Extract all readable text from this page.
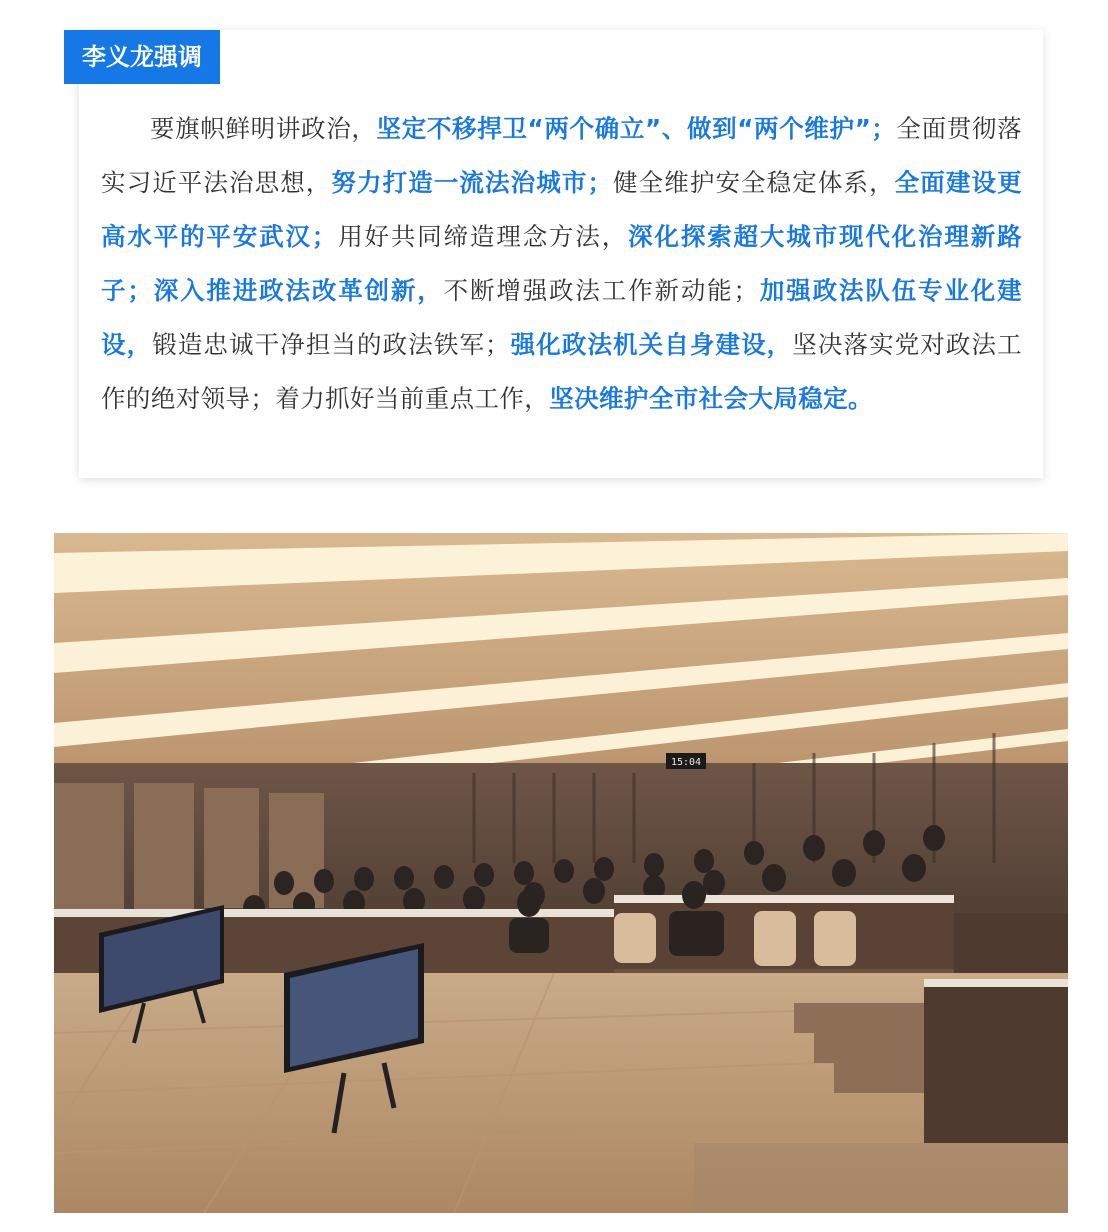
李义龙强调

要旗帜鲜明讲政治，坚定不移捍卫“两个确立”、做到“两个维护”；全面贯彻落实习近平法治思想，努力打造一流法治城市；健全维护安全稳定体系，全面建设更高水平的平安武汉；用好共同缔造理念方法，深化探索超大城市现代化治理新路子；深入推进政法改革创新，不断增强政法工作新动能；加强政法队伍专业化建设，锻造忠诚干净担当的政法铁军；强化政法机关自身建设，坚决落实党对政法工作的绝对领导；着力抓好当前重点工作，坚决维护全市社会大局稳定。

15:04
